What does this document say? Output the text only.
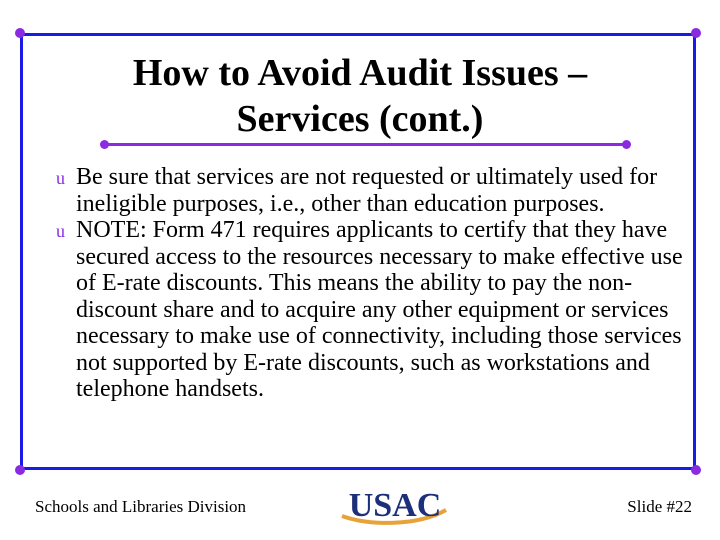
How to Avoid Audit Issues –
Services (cont.)
u Be sure that services are not requested or ultimately used for ineligible purposes, i.e., other than education purposes.
u NOTE: Form 471 requires applicants to certify that they have secured access to the resources necessary to make effective use of E-rate discounts. This means the ability to pay the non-discount share and to acquire any other equipment or services necessary to make use of connectivity, including those services not supported by E-rate discounts, such as workstations and telephone handsets.
Schools and Libraries Division	USAC	Slide #22
